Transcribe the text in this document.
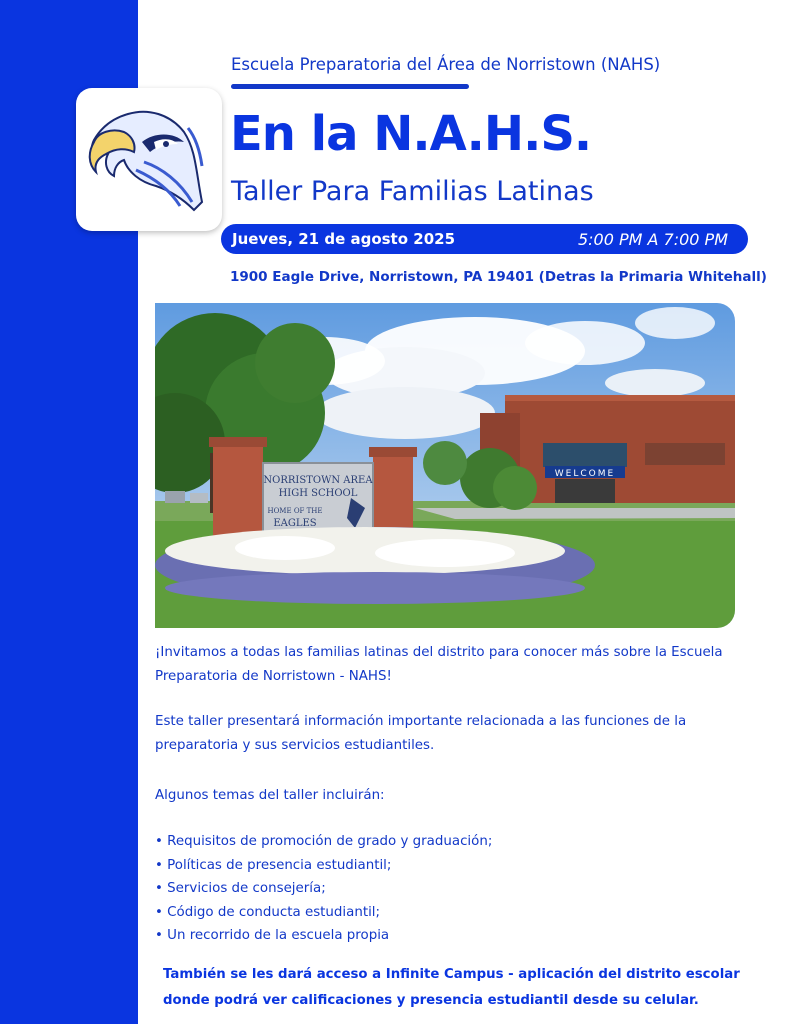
Escuela Preparatoria del Área de Norristown (NAHS)
En la N.A.H.S.
Taller Para Familias Latinas
Jueves, 21 de agosto 2025	5:00 PM A 7:00 PM
1900 Eagle Drive, Norristown, PA 19401 (Detras la Primaria Whitehall)
WELCOME
NORRISTOWN AREA
HIGH SCHOOL
HOME OF THE
EAGLES
¡Invitamos a todas las familias latinas del distrito para conocer más sobre la Escuela Preparatoria de Norristown - NAHS!
Este taller presentará información importante relacionada a las funciones de la preparatoria y sus servicios estudiantiles.
Algunos temas del taller incluirán:
• Requisitos de promoción de grado y graduación;
• Políticas de presencia estudiantil;
• Servicios de consejería;
• Código de conducta estudiantil;
• Un recorrido de la escuela propia
También se les dará acceso a Infinite Campus - aplicación del distrito escolar donde podrá ver calificaciones y presencia estudiantil desde su celular.
